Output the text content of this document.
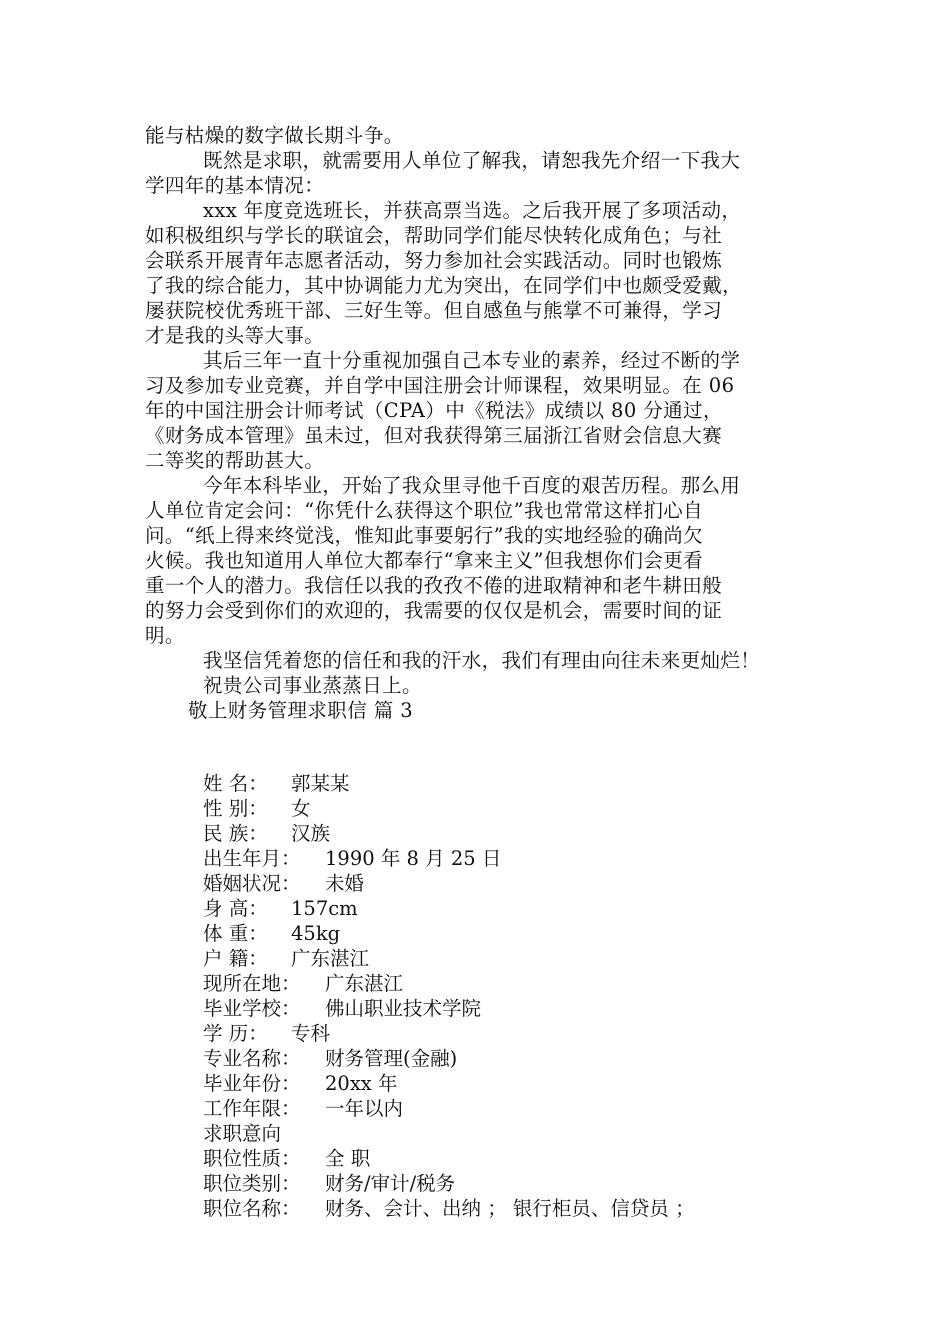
能与枯燥的数字做长期斗争。
既然是求职，就需要用人单位了解我，请恕我先介绍一下我大
学四年的基本情况：
xxx 年度竞选班长，并获高票当选。之后我开展了多项活动，
如积极组织与学长的联谊会，帮助同学们能尽快转化成角色；与社
会联系开展青年志愿者活动，努力参加社会实践活动。同时也锻炼
了我的综合能力，其中协调能力尤为突出，在同学们中也颇受爱戴，
屡获院校优秀班干部、三好生等。但自感鱼与熊掌不可兼得，学习
才是我的头等大事。
其后三年一直十分重视加强自己本专业的素养，经过不断的学
习及参加专业竞赛，并自学中国注册会计师课程，效果明显。在 06
年的中国注册会计师考试（CPA）中《税法》成绩以 80 分通过，
《财务成本管理》虽未过，但对我获得第三届浙江省财会信息大赛
二等奖的帮助甚大。
今年本科毕业，开始了我众里寻他千百度的艰苦历程。那么用
人单位肯定会问：“你凭什么获得这个职位”我也常常这样扪心自
问。“纸上得来终觉浅，惟知此事要躬行”我的实地经验的确尚欠
火候。我也知道用人单位大都奉行“拿来主义”但我想你们会更看
重一个人的潜力。我信任以我的孜孜不倦的进取精神和老牛耕田般
的努力会受到你们的欢迎的，我需要的仅仅是机会，需要时间的证
明。
我坚信凭着您的信任和我的汗水，我们有理由向往未来更灿烂！
祝贵公司事业蒸蒸日上。
敬上财务管理求职信 篇 3
姓 名： 郭某某
性 别： 女
民 族： 汉族
出生年月： 1990 年 8 月 25 日
婚姻状况： 未婚
身 高： 157cm
体 重： 45kg
户 籍： 广东湛江
现所在地： 广东湛江
毕业学校： 佛山职业技术学院
学 历： 专科
专业名称： 财务管理(金融)
毕业年份： 20xx 年
工作年限： 一年以内
求职意向
职位性质： 全 职
职位类别： 财务/审计/税务
职位名称： 财务、会计、出纳 ； 银行柜员、信贷员 ；
